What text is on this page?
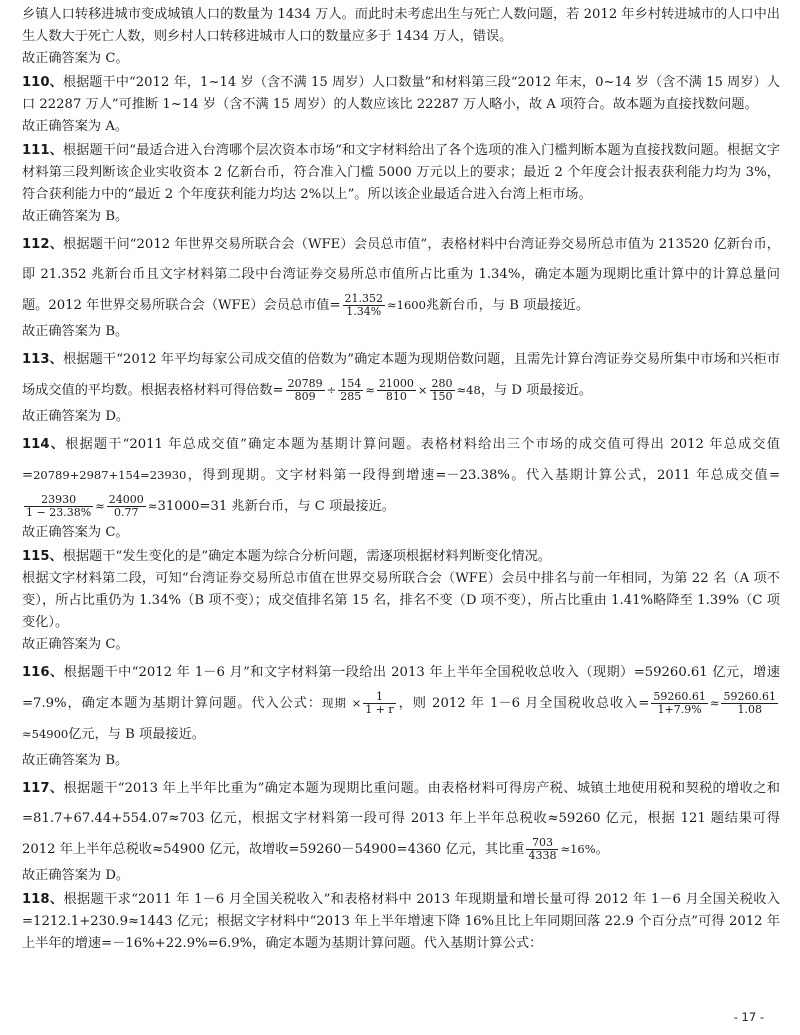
乡镇人口转移进城市变成城镇人口的数量为 1434 万人。而此时未考虑出生与死亡人数问题，若 2012 年乡村转进城市的人口中出生人数大于死亡人数，则乡村人口转移进城市人口的数量应多于 1434 万人，错误。

故正确答案为 C。

110、根据题干中“2012 年，1~14 岁（含不满 15 周岁）人口数量”和材料第三段“2012 年末，0~14 岁（含不满 15 周岁）人口 22287 万人”可推断 1~14 岁（含不满 15 周岁）的人数应该比 22287 万人略小，故 A 项符合。故本题为直接找数问题。

故正确答案为 A。

111、根据题干问“最适合进入台湾哪个层次资本市场”和文字材料给出了各个选项的准入门槛判断本题为直接找数问题。根据文字材料第三段判断该企业实收资本 2 亿新台币，符合准入门槛 5000 万元以上的要求；最近 2 个年度会计报表获利能力均为 3%，符合获利能力中的“最近 2 个年度获利能力均达 2%以上”。所以该企业最适合进入台湾上柜市场。

故正确答案为 B。

112、根据题干问“2012 年世界交易所联合会（WFE）会员总市值”，表格材料中台湾证券交易所总市值为 213520 亿新台币，即 21.352 兆新台币且文字材料第二段中台湾证券交易所总市值所占比重为 1.34%，确定本题为现期比重计算中的计算总量问题。2012 年世界交易所联合会（WFE）会员总市值= $\frac{21.352}{1.34\%} \approx 1600$兆新台币，与 B 项最接近。

故正确答案为 B。

113、根据题干“2012 年平均每家公司成交值的倍数为”确定本题为现期倍数问题，且需先计算台湾证券交易所集中市场和兴柜市场成交值的平均数。根据表格材料可得倍数= $\frac{20789}{809} \div \frac{154}{285} \approx \frac{21000}{810} \times \frac{280}{150} \approx 48$，与 D 项最接近。

故正确答案为 D。

114、根据题干“2011 年总成交值”确定本题为基期计算问题。表格材料给出三个市场的成交值可得出 2012 年总成交值=20789+2987+154=23930，得到现期。文字材料第一段得到增速=－23.38%。代入基期计算公式，2011 年总成交值=
$\frac{23930}{1 - 23.38\%} \approx \frac{24000}{0.77} \approx 31000=31$ 兆新台币，与 C 项最接近。

故正确答案为 C。

115、根据题干“发生变化的是”确定本题为综合分析问题，需逐项根据材料判断变化情况。

根据文字材料第二段，可知“台湾证券交易所总市值在世界交易所联合会（WFE）会员中排名与前一年相同，为第 22 名（A 项不变），所占比重仍为 1.34%（B 项不变）；成交值排名第 15 名，排名不变（D 项不变），所占比重由 1.41%略降至 1.39%（C 项变化）。

故正确答案为 C。

116、根据题干中“2012 年 1－6 月”和文字材料第一段给出 2013 年上半年全国税收总收入（现期）=59260.61 亿元，增速=7.9%，确定本题为基期计算问题。代入公式：现期 × $\frac{1}{1 + r}$ ，则 2012 年 1－6 月全国税收总收入= $\frac{59260.61}{1+7.9\%} \approx \frac{59260.61}{1.08}$
≈54900亿元，与 B 项最接近。

故正确答案为 B。

117、根据题干“2013 年上半年比重为”确定本题为现期比重问题。由表格材料可得房产税、城镇土地使用税和契税的增收之和=81.7+67.44+554.07≈703 亿元，根据文字材料第一段可得 2013 年上半年总税收≈59260 亿元，根据 121 题结果可得 2012 年上半年总税收≈54900 亿元，故增收=59260－54900=4360 亿元，其比重 $\frac{703}{4338} \approx 16\%$。

故正确答案为 D。

118、根据题干求“2011 年 1－6 月全国关税收入”和表格材料中 2013 年现期量和增长量可得 2012 年 1－6 月全国关税收入=1212.1+230.9≈1443 亿元；根据文字材料中“2013 年上半年增速下降 16%且比上年同期回落 22.9 个百分点”可得 2012 年上半年的增速=－16%+22.9%=6.9%，确定本题为基期计算问题。代入基期计算公式：

- 17 -
